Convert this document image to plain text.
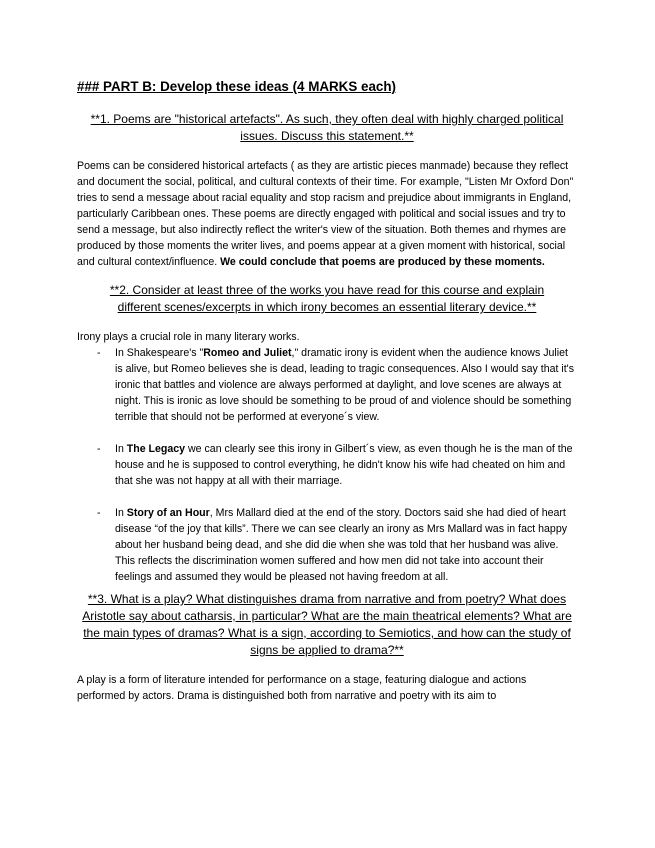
### PART B: Develop these ideas (4 MARKS each)
**1. Poems are "historical artefacts". As such, they often deal with highly charged political issues. Discuss this statement.**

Poems can be considered historical artefacts ( as they are artistic pieces manmade) because they reflect and document the social, political, and cultural contexts of their time. For example, "Listen Mr Oxford Don" tries to send a message about racial equality and stop racism and prejudice about immigrants in England, particularly Caribbean ones. These poems are directly engaged with political and social issues and try to send a message, but also indirectly reflect the writer's view of the situation. Both themes and rhymes are produced by those moments the writer lives, and poems appear at a given moment with historical, social and cultural context/influence. We could conclude that poems are produced by these moments.

**2. Consider at least three of the works you have read for this course and explain different scenes/excerpts in which irony becomes an essential literary device.**

Irony plays a crucial role in many literary works.

- In Shakespeare's "Romeo and Juliet," dramatic irony is evident when the audience knows Juliet is alive, but Romeo believes she is dead, leading to tragic consequences. Also I would say that it's ironic that battles and violence are always performed at daylight, and love scenes are always at night. This is ironic as love should be something to be proud of and violence should be something terrible that should not be performed at everyone´s view.
- In The Legacy we can clearly see this irony in Gilbert´s view, as even though he is the man of the house and he is supposed to control everything, he didn't know his wife had cheated on him and that she was not happy at all with their marriage.
- In Story of an Hour, Mrs Mallard died at the end of the story. Doctors said she had died of heart disease “of the joy that kills”. There we can see clearly an irony as Mrs Mallard was in fact happy about her husband being dead, and she did die when she was told that her husband was alive. This reflects the discrimination women suffered and how men did not take into account their feelings and assumed they would be pleased not having freedom at all.
**3. What is a play? What distinguishes drama from narrative and from poetry? What does Aristotle say about catharsis, in particular? What are the main theatrical elements? What are the main types of dramas? What is a sign, according to Semiotics, and how can the study of signs be applied to drama?**

A play is a form of literature intended for performance on a stage, featuring dialogue and actions performed by actors. Drama is distinguished both from narrative and poetry with its aim to
